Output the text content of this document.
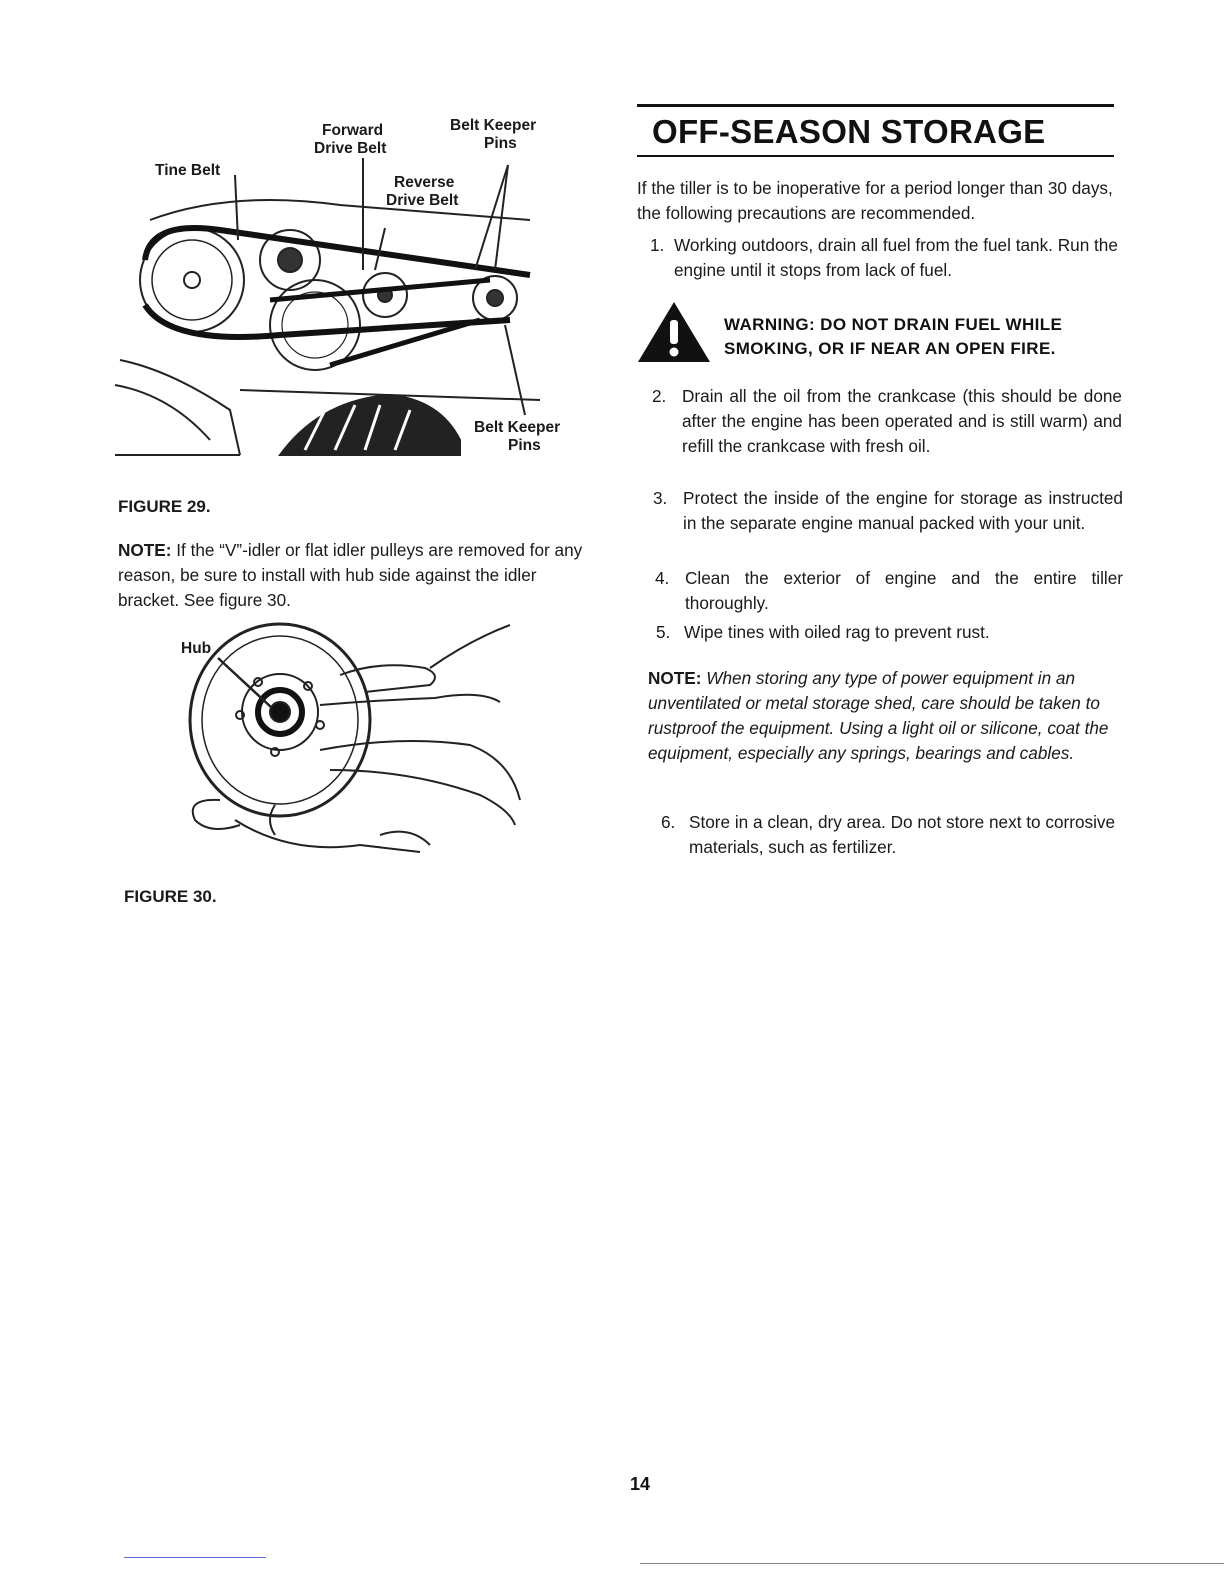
Forward
Drive Belt
Belt Keeper
Pins
Tine Belt
Reverse
Drive Belt
Belt Keeper
Pins
FIGURE 29.
NOTE: If the “V”-idler or flat idler pulleys are removed for any reason, be sure to install with hub side against the idler bracket. See figure 30.
Hub
FIGURE 30.
OFF-SEASON STORAGE
If the tiller is to be inoperative for a period longer than 30 days, the following precautions are recommended.
1. Working outdoors, drain all fuel from the fuel tank. Run the engine until it stops from lack of fuel.
WARNING: DO NOT DRAIN FUEL WHILE
SMOKING, OR IF NEAR AN OPEN FIRE.
2. Drain all the oil from the crankcase (this should be done after the engine has been operated and is still warm) and refill the crankcase with fresh oil.
3. Protect the inside of the engine for storage as instructed in the separate engine manual packed with your unit.
4. Clean the exterior of engine and the entire tiller thoroughly.
5. Wipe tines with oiled rag to prevent rust.
NOTE: When storing any type of power equipment in an unventilated or metal storage shed, care should be taken to rustproof the equipment. Using a light oil or silicone, coat the equipment, especially any springs, bearings and cables.
6. Store in a clean, dry area. Do not store next to corrosive materials, such as fertilizer.
14
